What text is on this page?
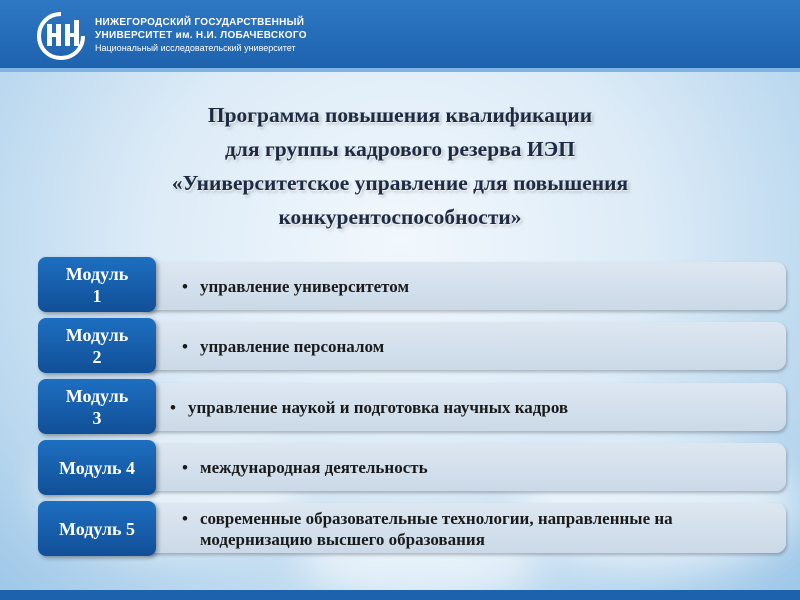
НИЖЕГОРОДСКИЙ ГОСУДАРСТВЕННЫЙ
УНИВЕРСИТЕТ им. Н.И. ЛОБАЧЕВСКОГО
Национальный исследовательский университет
Программа повышения квалификации
для группы кадрового резерва ИЭП
«Университетское управление для повышения
конкурентоспособности»
Модуль
1	• управление университетом
Модуль
2	• управление персоналом
Модуль
3	• управление наукой и подготовка научных кадров
Модуль 4	• международная деятельность
Модуль 5	• современные образовательные технологии, направленные на модернизацию высшего образования
